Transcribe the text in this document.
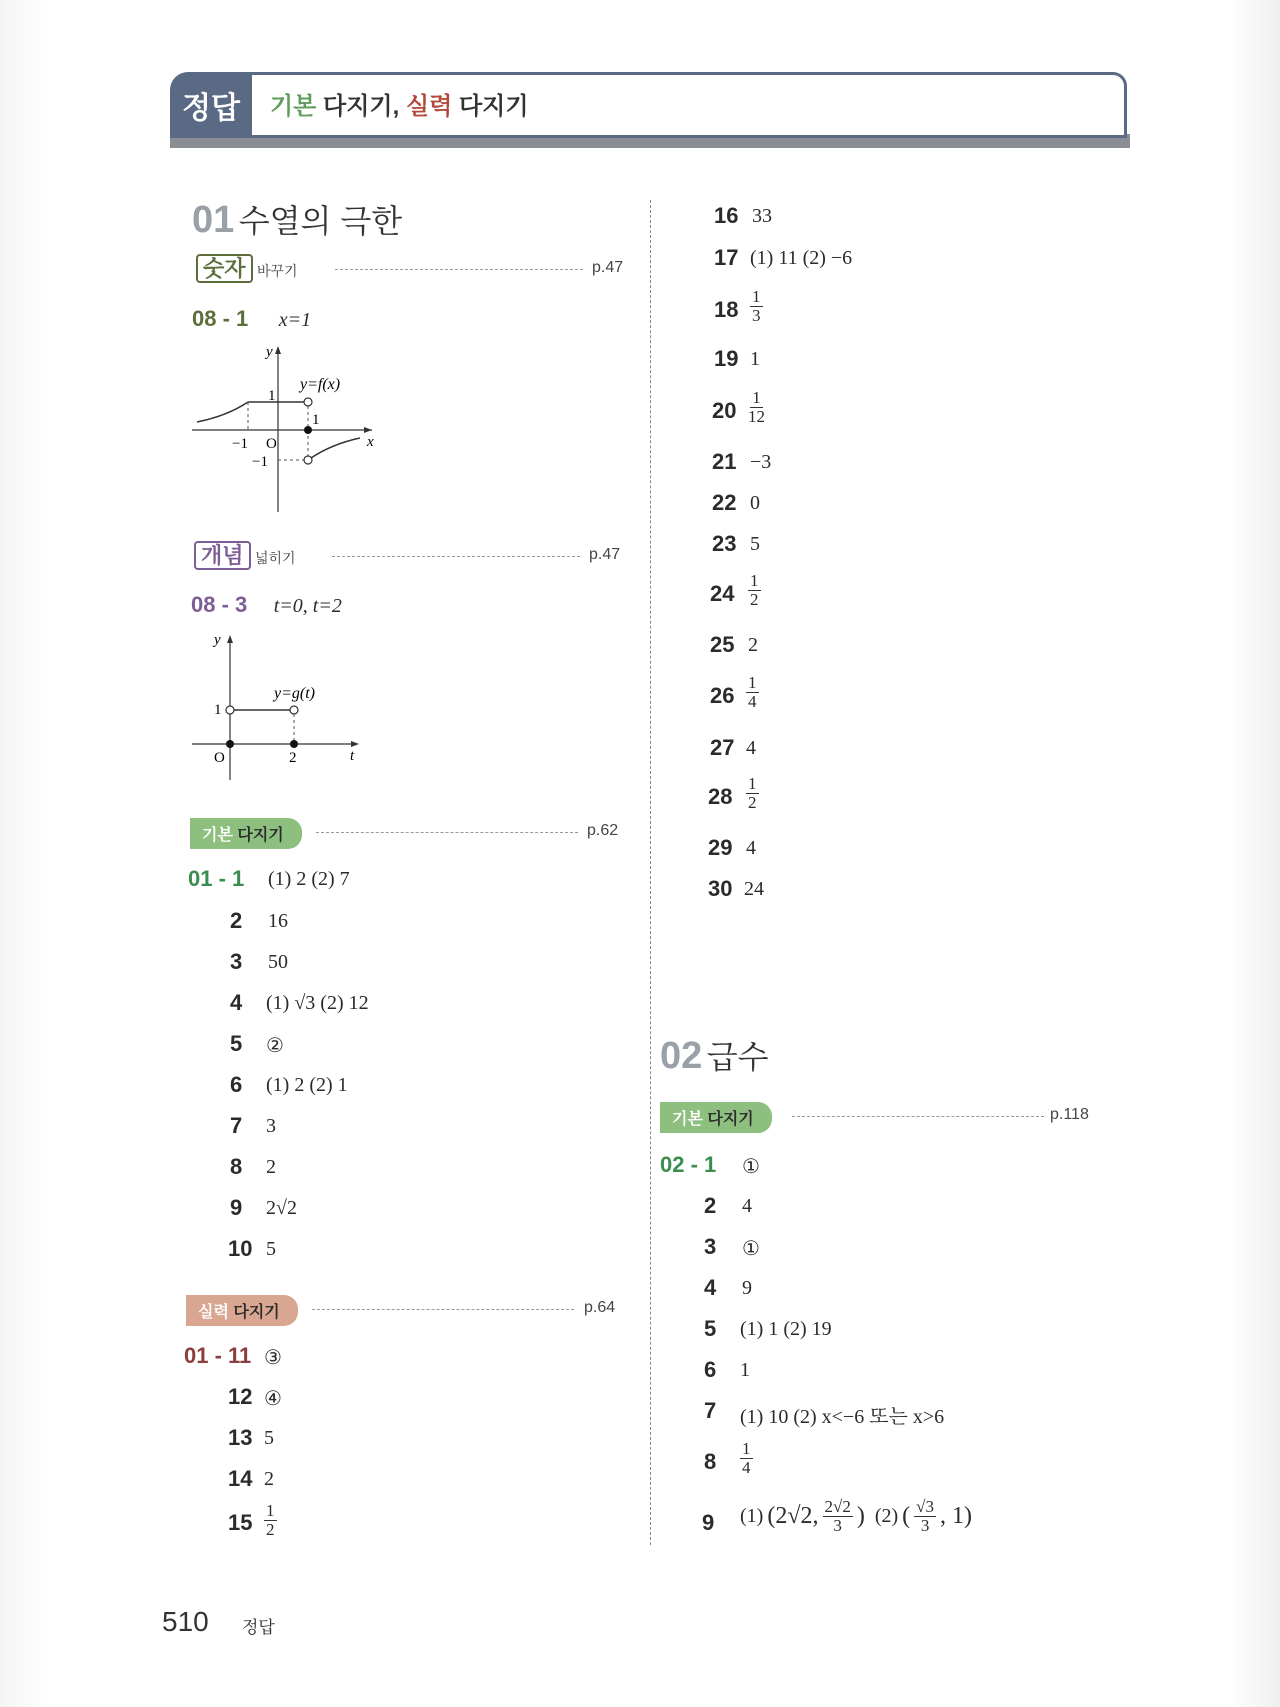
정답	기본 다지기, 실력 다지기
01 수열의 극한
숫자 바꾸기	p.47
08 - 1 x=1
y
x
y=f(x)
1
1
−1 O
−1
개념 넓히기	p.47
08 - 3 t=0, t=2
y
t
y=g(t)
1
O	2
기본 다지기	p.62
01 - 1 (1) 2 (2) 7
2 16
3 50
4 (1) √3 (2) 12
5 ②
6 (1) 2 (2) 1
7 3
8 2
9 2√2
10 5
실력 다지기	p.64
01 - 11 ③
12 ④
13 5
14 2
$15 \frac{1}{2}$
16 33
17 (1) 11 (2) −6
$18 \frac{1}{3}$
19 1
$20 \frac{1}{12}$
21 −3
22 0
23 5
$24 \frac{1}{2}$
25 2
$26 \frac{1}{4}$
27 4
$28 \frac{1}{2}$
29 4
30 24
02 급수
기본 다지기	p.118
02 - 1 ①
2 4
3 ①
4 9
5 (1) 1 (2) 19
6 1
7 (1) 10 (2) x<−6 또는 x>6
$8 \frac{1}{4}$
9 (1) (2√2, $\frac{2√2}{3}$ ) (2) ( $\frac{√3}{3}$ , 1)
510 정답
